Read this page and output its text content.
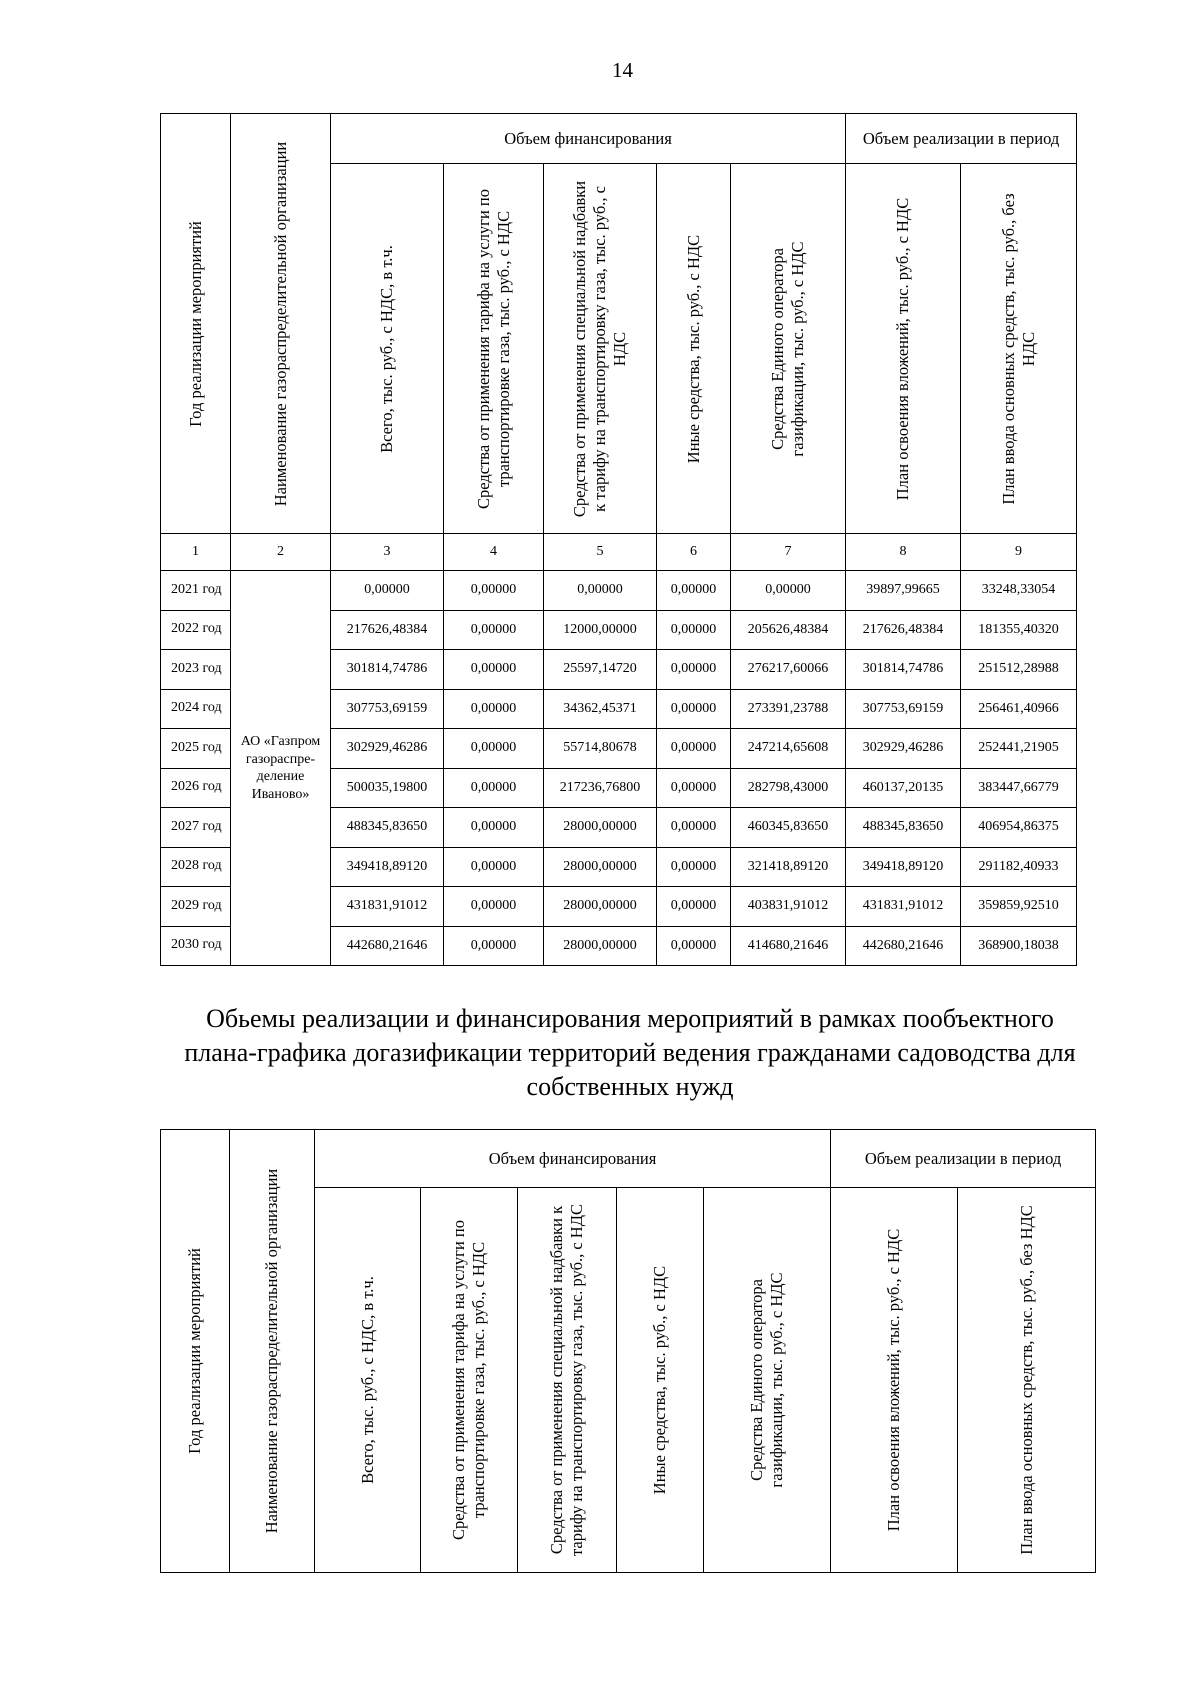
14
Год реализации мероприятий	Наименование газораспределительной организации	Объем финансирования					Объем реализации в период	

		Всего, тыс. руб., с НДС, в т.ч.	Средства от применения тарифа на услуги по транспортировке газа, тыс. руб., с НДС	Средства от применения специальной надбавки к тарифу на транспортировку газа, тыс. руб., с НДС	Иные средства, тыс. руб., с НДС	Средства Единого оператора газификации, тыс. руб., с НДС	План освоения вложений, тыс. руб., с НДС	План ввода основных средств, тыс. руб., без НДС

1	2	3	4	5	6	7	8	9
2021 год	АО «Газпром газораспре-деление Иваново»	0,00000	0,00000	0,00000	0,00000	0,00000	39897,99665	33248,33054
2022 год		217626,48384	0,00000	12000,00000	0,00000	205626,48384	217626,48384	181355,40320
2023 год		301814,74786	0,00000	25597,14720	0,00000	276217,60066	301814,74786	251512,28988
2024 год		307753,69159	0,00000	34362,45371	0,00000	273391,23788	307753,69159	256461,40966
2025 год		302929,46286	0,00000	55714,80678	0,00000	247214,65608	302929,46286	252441,21905
2026 год		500035,19800	0,00000	217236,76800	0,00000	282798,43000	460137,20135	383447,66779
2027 год		488345,83650	0,00000	28000,00000	0,00000	460345,83650	488345,83650	406954,86375
2028 год		349418,89120	0,00000	28000,00000	0,00000	321418,89120	349418,89120	291182,40933
2029 год		431831,91012	0,00000	28000,00000	0,00000	403831,91012	431831,91012	359859,92510
2030 год		442680,21646	0,00000	28000,00000	0,00000	414680,21646	442680,21646	368900,18038
Обьемы реализации и финансирования мероприятий в рамках пообъектного плана-графика догазификации территорий ведения гражданами садоводства для собственных нужд
Год реализации мероприятий	Наименование газораспределительной организации	Объем финансирования					Объем реализации в период	

		Всего, тыс. руб., с НДС, в т.ч.	Средства от применения тарифа на услуги по транспортировке газа, тыс. руб., с НДС	Средства от применения специальной надбавки к тарифу на транспортировку газа, тыс. руб., с НДС	Иные средства, тыс. руб., с НДС	Средства Единого оператора газификации, тыс. руб., с НДС	План освоения вложений, тыс. руб., с НДС	План ввода основных средств, тыс. руб., без НДС
